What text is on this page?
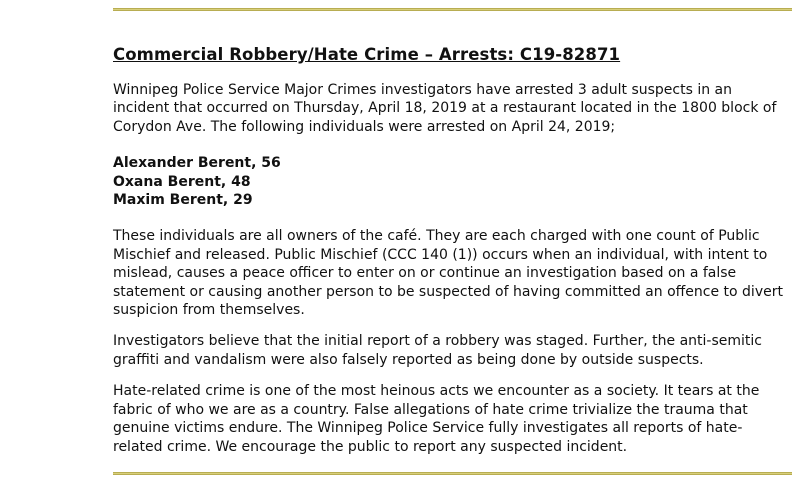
Commercial Robbery/Hate Crime – Arrests: C19-82871

Winnipeg Police Service Major Crimes investigators have arrested 3 adult suspects in an incident that occurred on Thursday, April 18, 2019 at a restaurant located in the 1800 block of Corydon Ave. The following individuals were arrested on April 24, 2019;

Alexander Berent, 56
Oxana Berent, 48
Maxim Berent, 29

These individuals are all owners of the café. They are each charged with one count of Public Mischief and released. Public Mischief (CCC 140 (1)) occurs when an individual, with intent to mislead, causes a peace officer to enter on or continue an investigation based on a false statement or causing another person to be suspected of having committed an offence to divert suspicion from themselves.

Investigators believe that the initial report of a robbery was staged. Further, the anti-semitic graffiti and vandalism were also falsely reported as being done by outside suspects.

Hate-related crime is one of the most heinous acts we encounter as a society. It tears at the fabric of who we are as a country. False allegations of hate crime trivialize the trauma that genuine victims endure. The Winnipeg Police Service fully investigates all reports of hate-related crime. We encourage the public to report any suspected incident.
